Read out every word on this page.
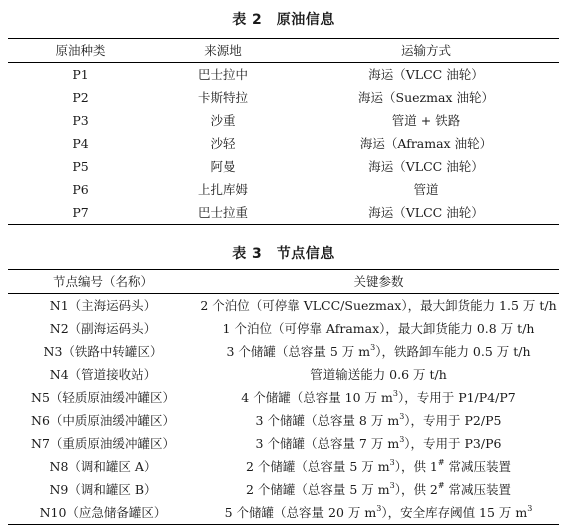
表 2　原油信息
原油种类	来源地	运输方式
P1	巴士拉中	海运（VLCC 油轮）
P2	卡斯特拉	海运（Suezmax 油轮）
P3	沙重	管道 + 铁路
P4	沙轻	海运（Aframax 油轮）
P5	阿曼	海运（VLCC 油轮）
P6	上扎库姆	管道
P7	巴士拉重	海运（VLCC 油轮）
表 3　节点信息
节点编号（名称）	关键参数
N1（主海运码头）	2 个泊位（可停靠 VLCC/Suezmax），最大卸货能力 1.5 万 t/h
N2（副海运码头）	1 个泊位（可停靠 Aframax），最大卸货能力 0.8 万 t/h
N3（铁路中转罐区）	3 个储罐（总容量 5 万 $m^3$），铁路卸车能力 0.5 万 t/h
N4（管道接收站）	管道输送能力 0.6 万 t/h
N5（轻质原油缓冲罐区）	4 个储罐（总容量 10 万 $m^3$），专用于 P1/P4/P7
N6（中质原油缓冲罐区）	3 个储罐（总容量 8 万 $m^3$），专用于 P2/P5
N7（重质原油缓冲罐区）	3 个储罐（总容量 7 万 $m^3$），专用于 P3/P6
N8（调和罐区 A）	2 个储罐（总容量 5 万 $m^3$），供 1# 常减压装置
N9（调和罐区 B）	2 个储罐（总容量 5 万 $m^3$），供 2# 常减压装置
N10（应急储备罐区）	5 个储罐（总容量 20 万 $m^3$），安全库存阈值 15 万 $m^3$
